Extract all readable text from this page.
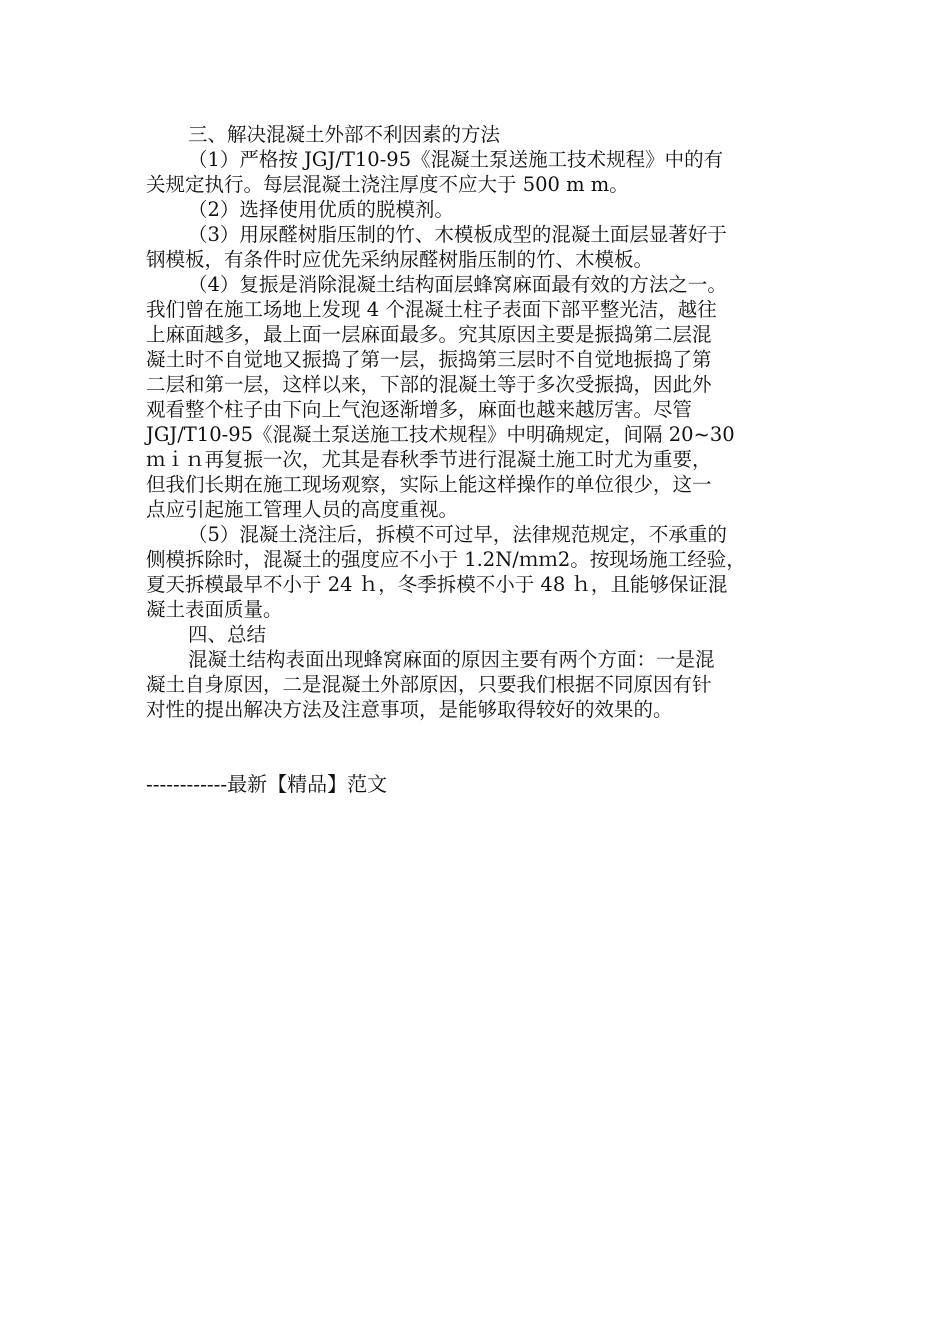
三、解决混凝土外部不利因素的方法
（1）严格按 JGJ/T10-95《混凝土泵送施工技术规程》中的有
关规定执行。每层混凝土浇注厚度不应大于 500 m m。
（2）选择使用优质的脱模剂。
（3）用尿醛树脂压制的竹、木模板成型的混凝土面层显著好于
钢模板，有条件时应优先采纳尿醛树脂压制的竹、木模板。
（4）复振是消除混凝土结构面层蜂窝麻面最有效的方法之一。
我们曾在施工场地上发现 4 个混凝土柱子表面下部平整光洁，越往
上麻面越多，最上面一层麻面最多。究其原因主要是振捣第二层混
凝土时不自觉地又振捣了第一层，振捣第三层时不自觉地振捣了第
二层和第一层，这样以来，下部的混凝土等于多次受振捣，因此外
观看整个柱子由下向上气泡逐渐增多，麻面也越来越厉害。尽管
JGJ/T10-95《混凝土泵送施工技术规程》中明确规定，间隔 20~30
ｍｉｎ再复振一次，尤其是春秋季节进行混凝土施工时尤为重要，
但我们长期在施工现场观察，实际上能这样操作的单位很少，这一
点应引起施工管理人员的高度重视。
（5）混凝土浇注后，拆模不可过早，法律规范规定，不承重的
侧模拆除时，混凝土的强度应不小于 1.2N/ｍｍ2。按现场施工经验，
夏天拆模最早不小于 24 ｈ，冬季拆模不小于 48 ｈ，且能够保证混
凝土表面质量。
四、总结
混凝土结构表面出现蜂窝麻面的原因主要有两个方面：一是混
凝土自身原因，二是混凝土外部原因，只要我们根据不同原因有针
对性的提出解决方法及注意事项，是能够取得较好的效果的。
------------最新【精品】范文
